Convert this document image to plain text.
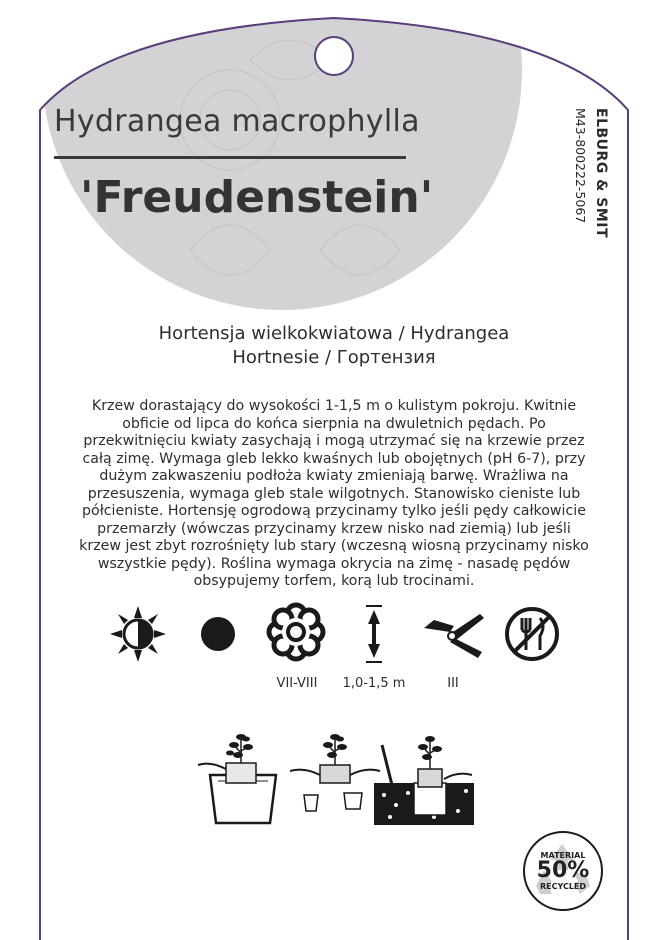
Hydrangea macrophylla
'Freudenstein'	ELBURG & SMIT
M43-800222-5067
Hortensja wielkokwiatowa / Hydrangea
Hortnesie / Гортензия
Krzew dorastający do wysokości 1-1,5 m o kulistym pokroju. Kwitnie
obficie od lipca do końca sierpnia na dwuletnich pędach. Po
przekwitnięciu kwiaty zasychają i mogą utrzymać się na krzewie przez
całą zimę. Wymaga gleb lekko kwaśnych lub obojętnych (pH 6-7), przy
dużym zakwaszeniu podłoża kwiaty zmieniają barwę. Wrażliwa na
przesuszenia, wymaga gleb stale wilgotnych. Stanowisko cieniste lub
półcieniste. Hortensję ogrodową przycinamy tylko jeśli pędy całkowicie
przemarzły (wówczas przycinamy krzew nisko nad ziemią) lub jeśli
krzew jest zbyt rozrośnięty lub stary (wczesną wiosną przycinamy nisko
wszystkie pędy). Roślina wymaga okrycia na zimę - nasadę pędów
obsypujemy torfem, korą lub trocinami.
VII-VIII	1,0-1,5 m	III
MATERIAL
50%
RECYCLED
